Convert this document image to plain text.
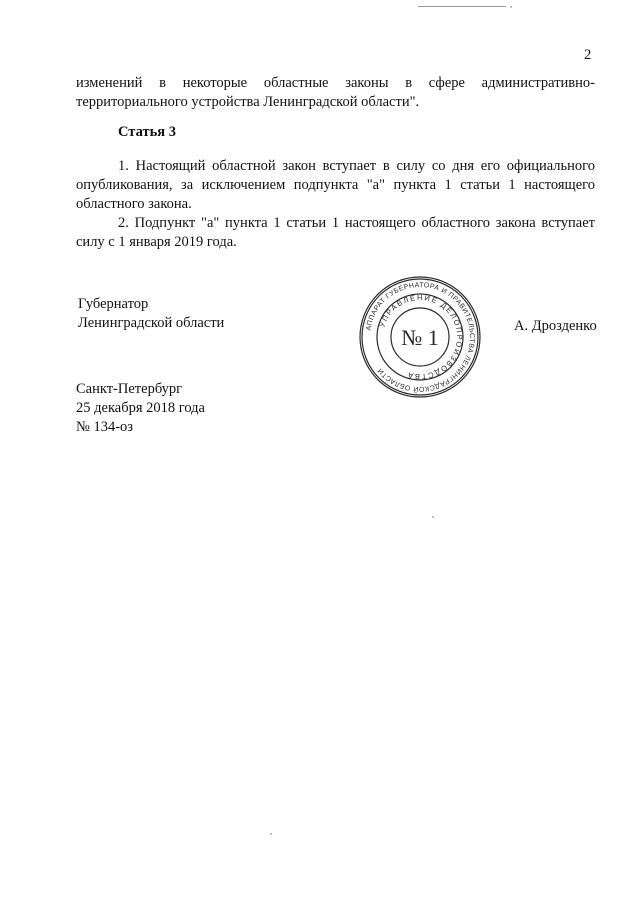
2

изменений в некоторые областные законы в сфере административно-территориального устройства Ленинградской области".

Статья 3

1. Настоящий областной закон вступает в силу со дня его официального опубликования, за исключением подпункта "а" пункта 1 статьи 1 настоящего областного закона.

2. Подпункт "а" пункта 1 статьи 1 настоящего областного закона вступает силу с 1 января 2019 года.

Губернатор
Ленинградской области	А. Дрозденко
Санкт-Петербург
25 декабря 2018 года
№ 134-оз
АППАРАТ ГУБЕРНАТОРА И ПРАВИТЕЛЬСТВА ЛЕНИНГРАДСКОЙ ОБЛАСТИ
УПРАВЛЕНИЕ ДЕЛОПРОИЗВОДСТВА
№ 1
